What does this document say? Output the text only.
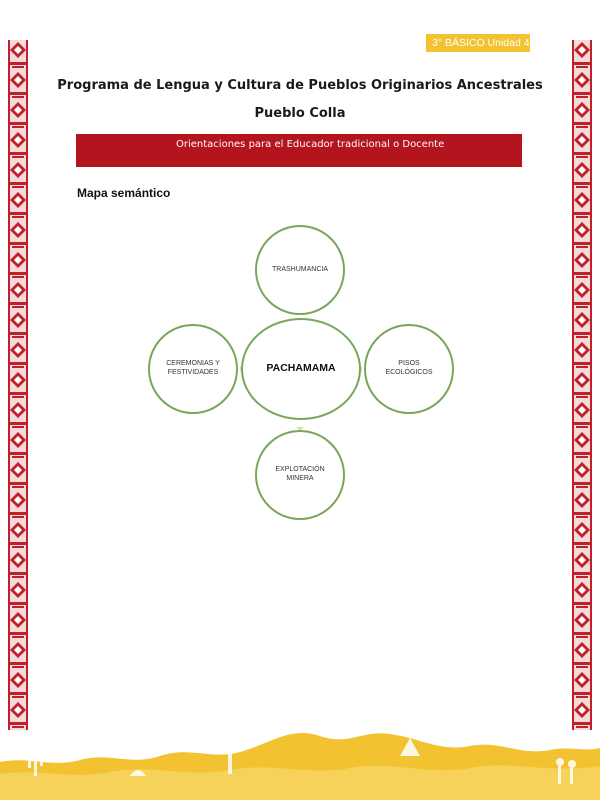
3° BÁSICO Unidad 4
Programa de Lengua y Cultura de Pueblos Originarios Ancestrales
Pueblo Colla
Orientaciones para el Educador tradicional o Docente
Mapa semántico
TRASHUMANCIA
CEREMONIAS Y
FESTIVIDADES
PISOS
ECOLÓGICOS
EXPLOTACIÓN
MINERA
PACHAMAMA
